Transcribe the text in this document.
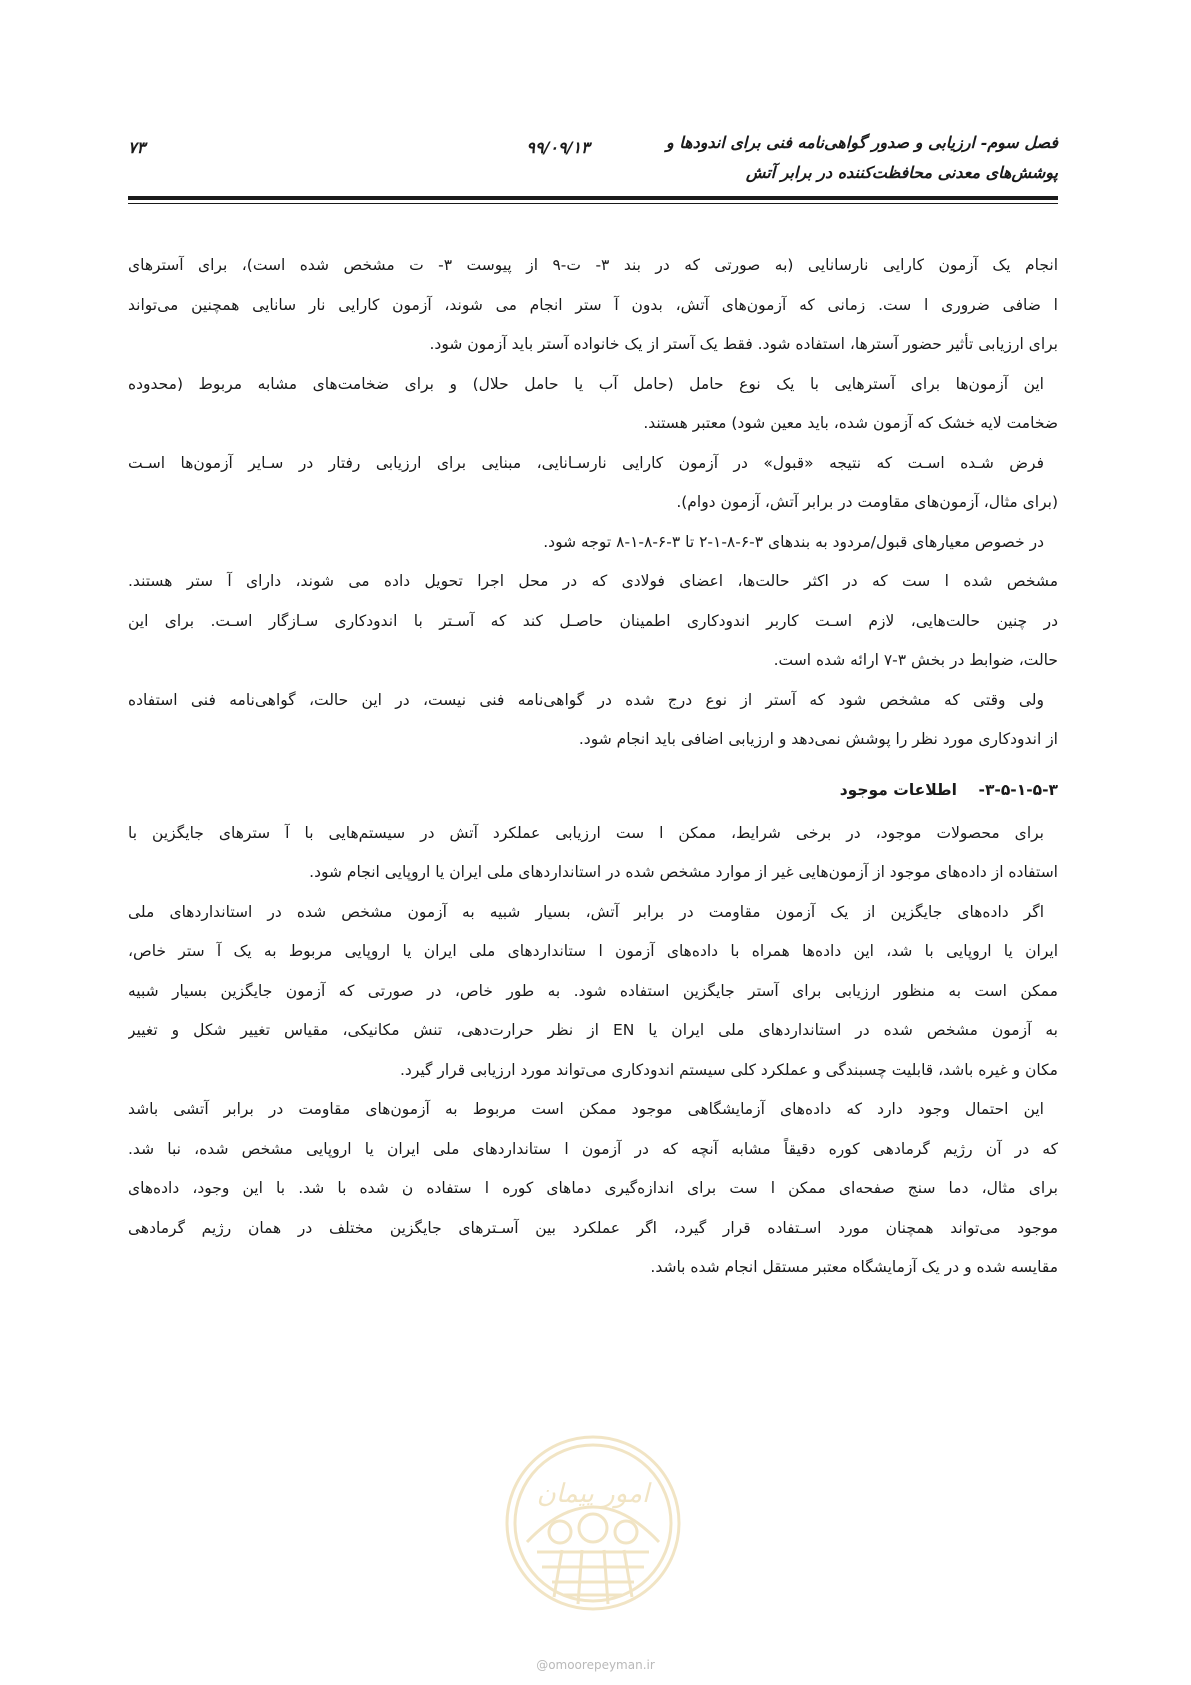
فصل سوم- ارزیابی و صدور گواهی‌نامه فنی برای اندودها و
پوشش‌های معدنی محافظت‌کننده در برابر آتش
۹۹/۰۹/۱۳
۷۳
انجام یک آزمون کارایی نارسانایی (به صورتی که در بند ۳- ت-۹ از پیوست ۳- ت مشخص شده است)، برای آسترهای
ا ضافی ضروری ا ست. زمانی که آزمون‌های آتش، بدون آ ستر انجام می شوند، آزمون کارایی نار سانایی همچنین می‌تواند
برای ارزیابی تأثیر حضور آسترها، استفاده شود. فقط یک آستر از یک خانواده آستر باید آزمون شود.
این آزمون‌ها برای آسترهایی با یک نوع حامل (حامل آب یا حامل حلال) و برای ضخامت‌های مشابه مربوط (محدوده
ضخامت لایه خشک که آزمون شده، باید معین شود) معتبر هستند.
فرض شـده اسـت که نتیجه «قبول» در آزمون کارایی نارسـانایی، مبنایی برای ارزیابی رفتار در سـایر آزمون‌ها اسـت
(برای مثال، آزمون‌های مقاومت در برابر آتش، آزمون دوام).
در خصوص معیارهای قبول/مردود به بندهای ۳-۶-۸-۱-۲ تا ۳-۶-۸-۱-۸ توجه شود.
مشخص شده ا ست که در اکثر حالت‌ها، اعضای فولادی که در محل اجرا تحویل داده می شوند، دارای آ ستر هستند.
در چنین حالت‌هایی، لازم اسـت کاربر اندودکاری اطمینان حاصـل کند که آسـتر با اندودکاری سـازگار اسـت. برای این
حالت، ضوابط در بخش ۳-۷ ارائه شده است.
ولی وقتی که مشخص شود که آستر از نوع درج شده در گواهی‌نامه فنی نیست، در این حالت، گواهی‌نامه فنی استفاده
از اندودکاری مورد نظر را پوشش نمی‌دهد و ارزیابی اضافی باید انجام شود.
۳-۵-۱-۵-۳-    اطلاعات موجود
برای محصولات موجود، در برخی شرایط، ممکن ا ست ارزیابی عملکرد آتش در سیستم‌هایی با آ سترهای جایگزین با
استفاده از داده‌های موجود از آزمون‌هایی غیر از موارد مشخص شده در استانداردهای ملی ایران یا اروپایی انجام شود.
اگر داده‌های جایگزین از یک آزمون مقاومت در برابر آتش، بسیار شبیه به آزمون مشخص شده در استانداردهای ملی
ایران یا اروپایی با شد، این داده‌ها همراه با داده‌های آزمون ا ستانداردهای ملی ایران یا اروپایی مربوط به یک آ ستر خاص،
ممکن است به منظور ارزیابی برای آستر جایگزین استفاده شود. به طور خاص، در صورتی که آزمون جایگزین بسیار شبیه
به آزمون مشخص شده در استانداردهای ملی ایران یا EN از نظر حرارت‌دهی، تنش مکانیکی، مقیاس تغییر شکل و تغییر
مکان و غیره باشد، قابلیت چسبندگی و عملکرد کلی سیستم اندودکاری می‌تواند مورد ارزیابی قرار گیرد.
این احتمال وجود دارد که داده‌های آزمایشگاهی موجود ممکن است مربوط به آزمون‌های مقاومت در برابر آتشی باشد
که در آن رژیم گرمادهی کوره دقیقاً مشابه آنچه که در آزمون ا ستانداردهای ملی ایران یا اروپایی مشخص شده، نبا شد.
برای مثال، دما سنج صفحه‌ای ممکن ا ست برای اندازه‌گیری دماهای کوره ا ستفاده ن شده با شد. با این وجود، داده‌های
موجود می‌تواند همچنان مورد اسـتفاده قرار گیرد، اگر عملکرد بین آسـترهای جایگزین مختلف در همان رژیم گرمادهی
مقایسه شده و در یک آزمایشگاه معتبر مستقل انجام شده باشد.
امور پیمان
@omoorepeyman.ir
